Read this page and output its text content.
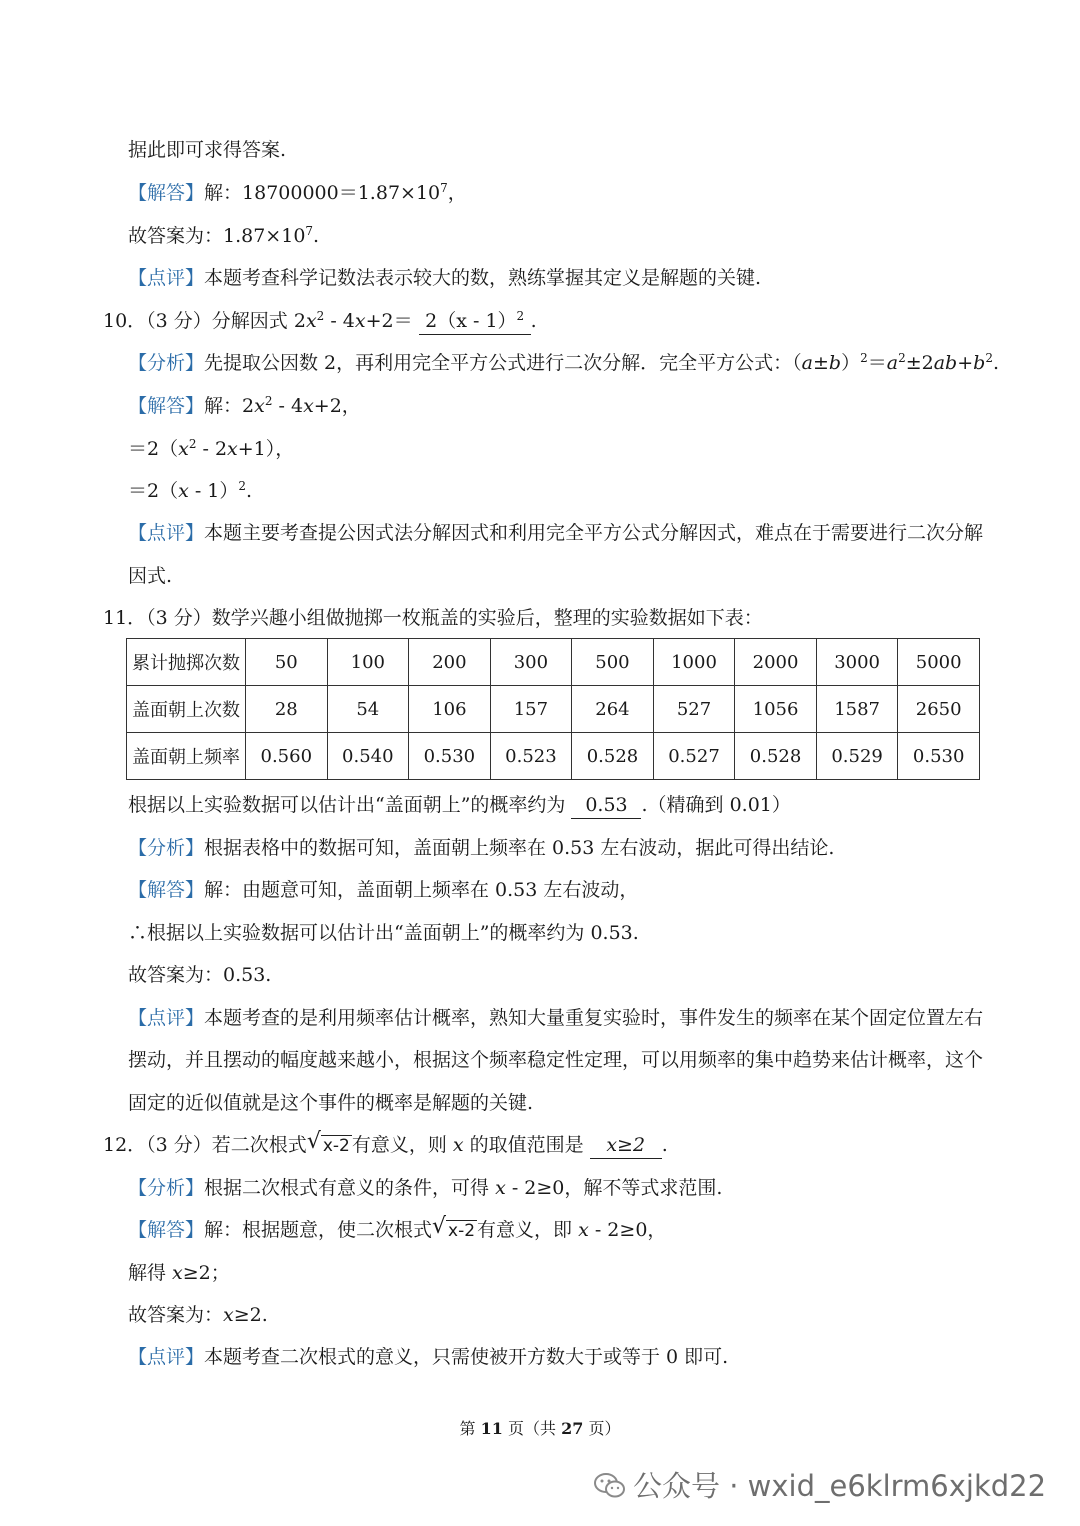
据此即可求得答案.
【解答】解：$18700000=1.87\times 10^7$，
故答案为：$1.87\times 10^7$.
【点评】本题考查科学记数法表示较大的数，熟练掌握其定义是解题的关键.
10．（3 分）分解因式 $2x^2 - 4x+2= 2(x - 1)^2$ .
【分析】先提取公因数 2，再利用完全平方公式进行二次分解．完全平方公式：$(a\pm b)^2=a^2\pm 2ab+b^2$.
【解答】解：$2x^2 - 4x+2$，
$=2(x^2 - 2x+1)$，
＝2（x - 1）$^2$.
【点评】本题主要考查提公因式法分解因式和利用完全平方公式分解因式，难点在于需要进行二次分解
因式.
11．（3 分）数学兴趣小组做抛掷一枚瓶盖的实验后，整理的实验数据如下表：
累计抛掷次数	50	100	200	300	500	1000	2000	3000	5000
盖面朝上次数	28	54	106	157	264	527	1056	1587	2650
盖面朝上频率	0.560	0.540	0.530	0.523	0.528	0.527	0.528	0.529	0.530
根据以上实验数据可以估计出“盖面朝上”的概率约为 0.53 .（精确到 0.01）
【分析】根据表格中的数据可知，盖面朝上频率在 0.53 左右波动，据此可得出结论.
【解答】解：由题意可知，盖面朝上频率在 0.53 左右波动，
∴根据以上实验数据可以估计出“盖面朝上”的概率约为 0.53.
故答案为：0.53.
【点评】本题考查的是利用频率估计概率，熟知大量重复实验时，事件发生的频率在某个固定位置左右
摆动，并且摆动的幅度越来越小，根据这个频率稳定性定理，可以用频率的集中趋势来估计概率，这个
固定的近似值就是这个事件的概率是解题的关键.
12．（3 分）若二次根式 √ x-2 有意义，则 x 的取值范围是 x≥2 .
【分析】根据二次根式有意义的条件，可得 x - 2≥0，解不等式求范围.
【解答】解：根据题意，使二次根式 √ x-2 有意义，即 x - 2≥0，
解得 x≥2；
故答案为：x≥2.
【点评】本题考查二次根式的意义，只需使被开方数大于或等于 0 即可.
第 11 页（共 27 页）
公众号 · wxid_e6klrm6xjkd22
